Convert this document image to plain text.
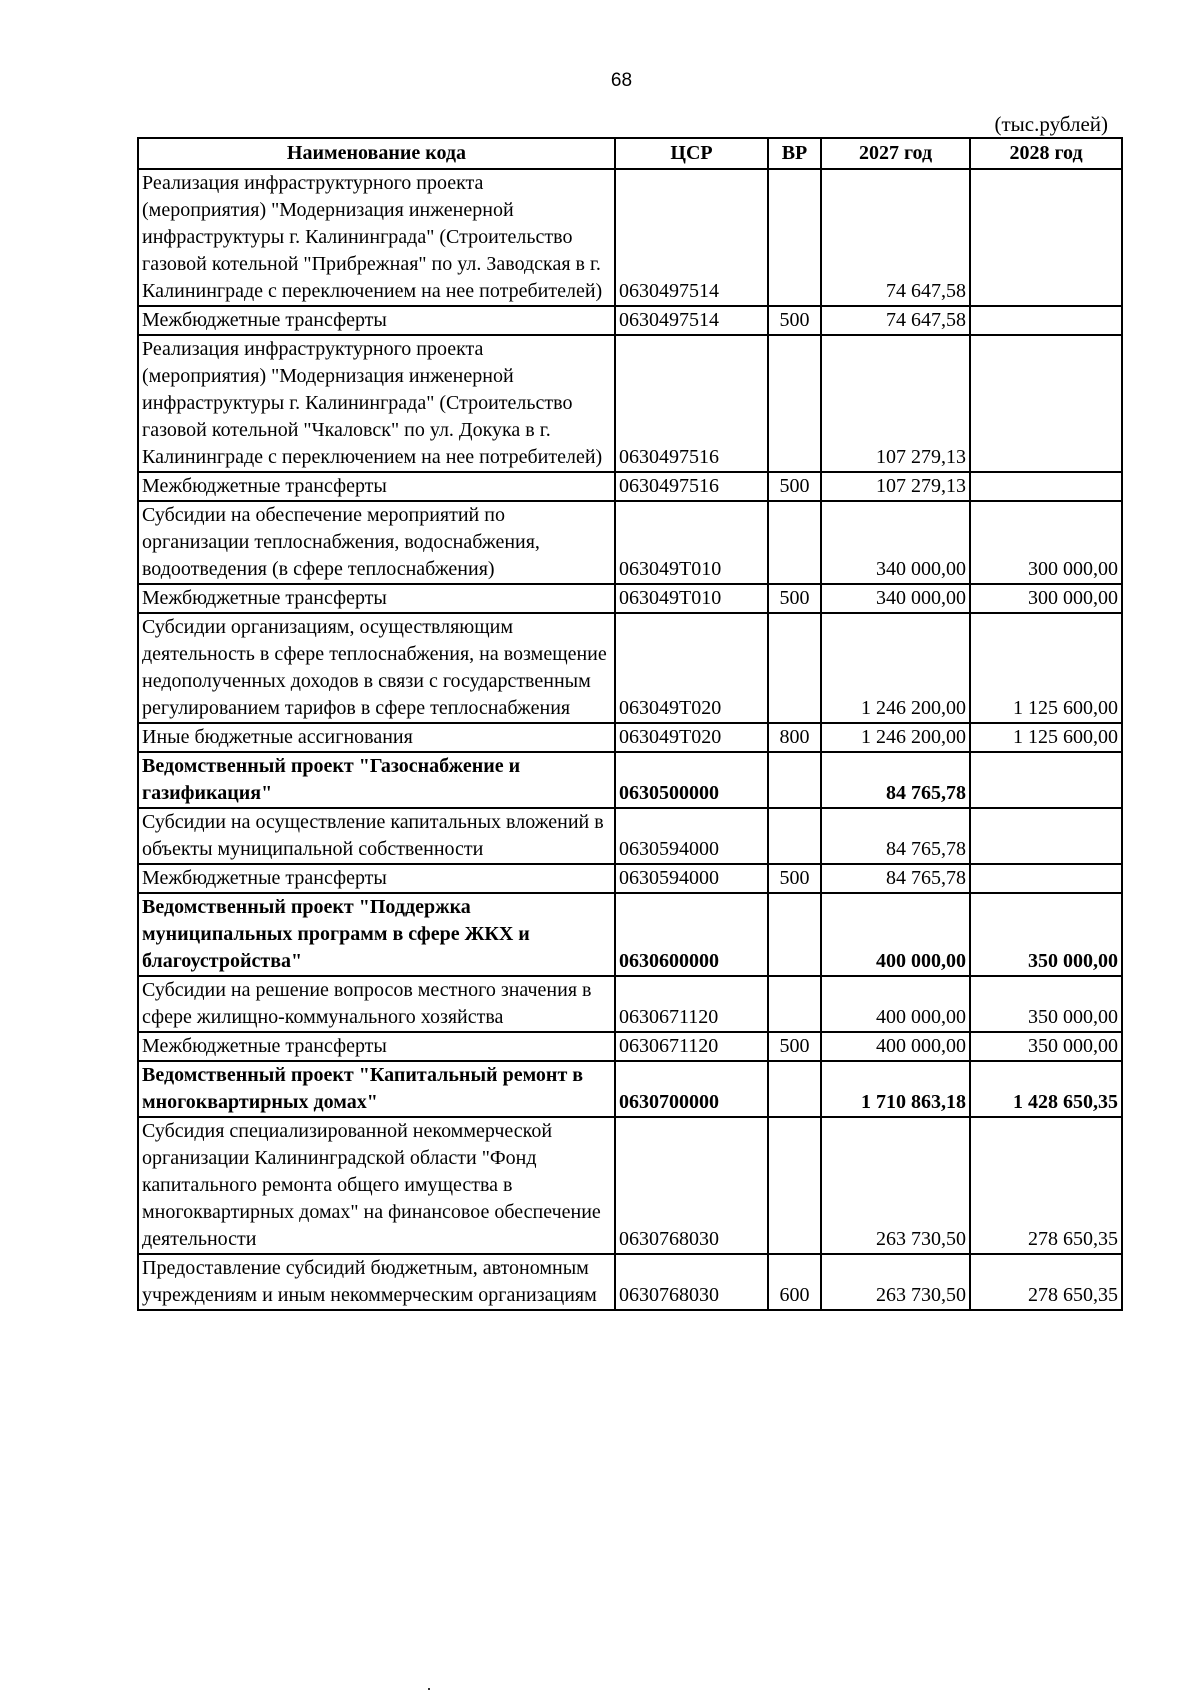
68
(тыс.рублей)
Наименование кода	ЦСР	ВР	2027 год	2028 год
Реализация инфраструктурного проекта (мероприятия) "Модернизация инженерной инфраструктуры г. Калининграда" (Строительство газовой котельной "Прибрежная" по ул. Заводская в г. Калининграде с переключением на нее потребителей)	0630497514		74 647,58	
Межбюджетные трансферты	0630497514	500	74 647,58	
Реализация инфраструктурного проекта (мероприятия) "Модернизация инженерной инфраструктуры г. Калининграда" (Строительство газовой котельной "Чкаловск" по ул. Докука в г. Калининграде с переключением на нее потребителей)	0630497516		107 279,13	
Межбюджетные трансферты	0630497516	500	107 279,13	
Субсидии на обеспечение мероприятий по организации теплоснабжения, водоснабжения, водоотведения (в сфере теплоснабжения)	063049Т010		340 000,00	300 000,00
Межбюджетные трансферты	063049Т010	500	340 000,00	300 000,00
Субсидии организациям, осуществляющим деятельность в сфере теплоснабжения, на возмещение недополученных доходов в связи с государственным регулированием тарифов в сфере теплоснабжения	063049Т020		1 246 200,00	1 125 600,00
Иные бюджетные ассигнования	063049Т020	800	1 246 200,00	1 125 600,00
Ведомственный проект "Газоснабжение и газификация"	0630500000		84 765,78	
Субсидии на осуществление капитальных вложений в объекты муниципальной собственности	0630594000		84 765,78	
Межбюджетные трансферты	0630594000	500	84 765,78	
Ведомственный проект "Поддержка муниципальных программ в сфере ЖКХ и благоустройства"	0630600000		400 000,00	350 000,00
Субсидии на решение вопросов местного значения в сфере жилищно-коммунального хозяйства	0630671120		400 000,00	350 000,00
Межбюджетные трансферты	0630671120	500	400 000,00	350 000,00
Ведомственный проект "Капитальный ремонт в многоквартирных домах"	0630700000		1 710 863,18	1 428 650,35
Субсидия специализированной некоммерческой организации Калининградской области "Фонд капитального ремонта общего имущества в многоквартирных домах" на финансовое обеспечение деятельности	0630768030		263 730,50	278 650,35
Предоставление субсидий бюджетным, автономным учреждениям и иным некоммерческим организациям	0630768030	600	263 730,50	278 650,35
